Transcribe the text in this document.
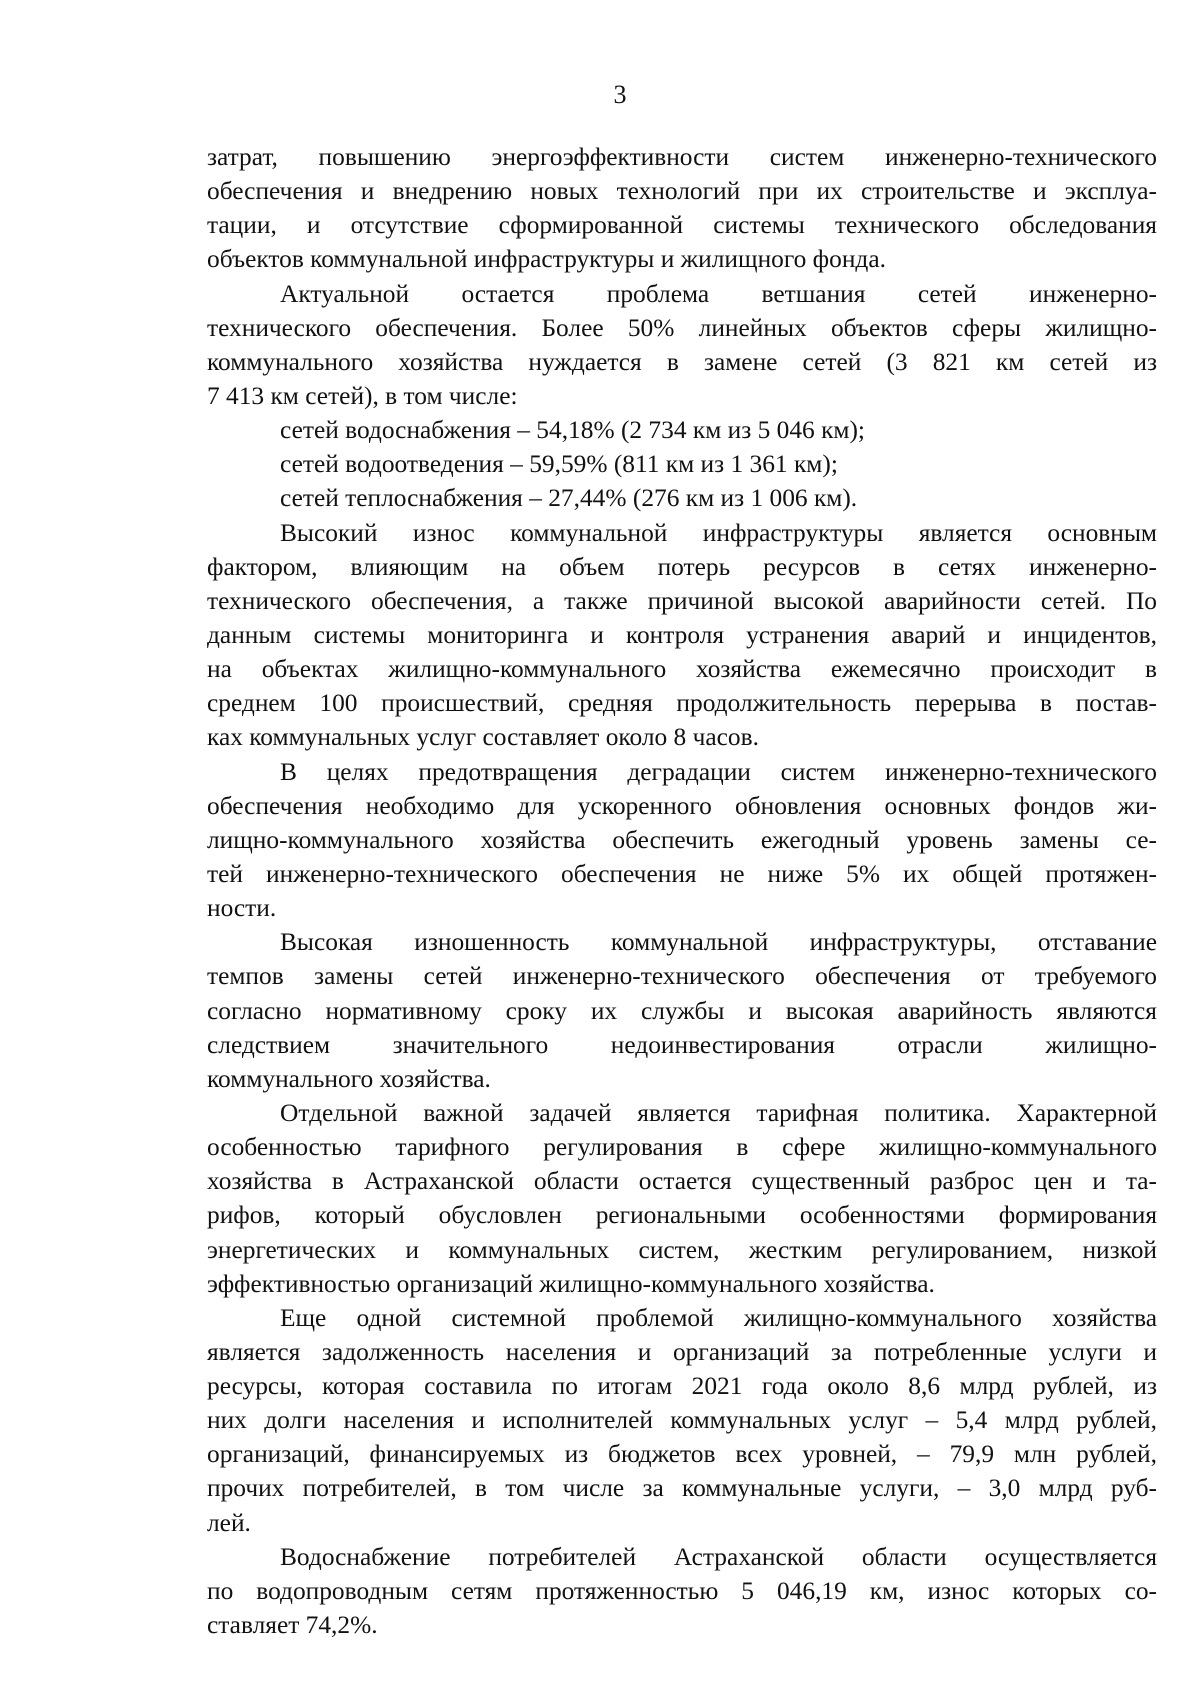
3
затрат, повышению энергоэффективности систем инженерно-технического
обеспечения и внедрению новых технологий при их строительстве и эксплуа-
тации, и отсутствие сформированной системы технического обследования
объектов коммунальной инфраструктуры и жилищного фонда.
Актуальной остается проблема ветшания сетей инженерно-
технического обеспечения. Более 50% линейных объектов сферы жилищно-
коммунального хозяйства нуждается в замене сетей (3 821 км сетей из
7 413 км сетей), в том числе:
сетей водоснабжения – 54,18% (2 734 км из 5 046 км);
сетей водоотведения – 59,59% (811 км из 1 361 км);
сетей теплоснабжения – 27,44% (276 км из 1 006 км).
Высокий износ коммунальной инфраструктуры является основным
фактором, влияющим на объем потерь ресурсов в сетях инженерно-
технического обеспечения, а также причиной высокой аварийности сетей. По
данным системы мониторинга и контроля устранения аварий и инцидентов,
на объектах жилищно-коммунального хозяйства ежемесячно происходит в
среднем 100 происшествий, средняя продолжительность перерыва в постав-
ках коммунальных услуг составляет около 8 часов.
В целях предотвращения деградации систем инженерно-технического
обеспечения необходимо для ускоренного обновления основных фондов жи-
лищно-коммунального хозяйства обеспечить ежегодный уровень замены се-
тей инженерно-технического обеспечения не ниже 5% их общей протяжен-
ности.
Высокая изношенность коммунальной инфраструктуры, отставание
темпов замены сетей инженерно-технического обеспечения от требуемого
согласно нормативному сроку их службы и высокая аварийность являются
следствием значительного недоинвестирования отрасли жилищно-
коммунального хозяйства.
Отдельной важной задачей является тарифная политика. Характерной
особенностью тарифного регулирования в сфере жилищно-коммунального
хозяйства в Астраханской области остается существенный разброс цен и та-
рифов, который обусловлен региональными особенностями формирования
энергетических и коммунальных систем, жестким регулированием, низкой
эффективностью организаций жилищно-коммунального хозяйства.
Еще одной системной проблемой жилищно-коммунального хозяйства
является задолженность населения и организаций за потребленные услуги и
ресурсы, которая составила по итогам 2021 года около 8,6 млрд рублей, из
них долги населения и исполнителей коммунальных услуг – 5,4 млрд рублей,
организаций, финансируемых из бюджетов всех уровней, – 79,9 млн рублей,
прочих потребителей, в том числе за коммунальные услуги, – 3,0 млрд руб-
лей.
Водоснабжение потребителей Астраханской области осуществляется
по водопроводным сетям протяженностью 5 046,19 км, износ которых со-
ставляет 74,2%.
